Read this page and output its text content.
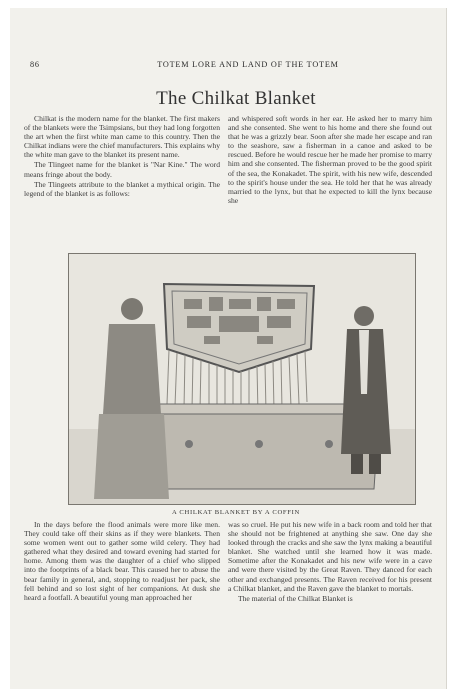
86	TOTEM LORE AND LAND OF THE TOTEM
The Chilkat Blanket

Chilkat is the modern name for the blanket. The first makers of the blankets were the Tsimpsians, but they had long forgotten the art when the first white man came to this country. Then the Chilkat indians were the chief manufacturers. This explains why the white man gave to the blanket its present name.

The Tlingeet name for the blanket is "Nar Kine." The word means fringe about the body.

The Tlingeets attribute to the blanket a mythical origin. The legend of the blanket is as follows:

and whispered soft words in her ear. He asked her to marry him and she consented. She went to his home and there she found out that he was a grizzly bear. Soon after she made her escape and ran to the seashore, saw a fisherman in a canoe and asked to be rescued. Before he would rescue her he made her promise to marry him and she consented. The fisherman proved to be the good spirit of the sea, the Konakadet. The spirit, with his new wife, descended to the spirit's house under the sea. He told her that he was already married to the lynx, but that he expected to kill the lynx because she

A CHILKAT BLANKET BY A COFFIN

In the days before the flood animals were more like men. They could take off their skins as if they were blankets. Then some women went out to gather some wild celery. They had gathered what they desired and toward evening had started for home. Among them was the daughter of a chief who slipped into the footprints of a black bear. This caused her to abuse the bear family in general, and, stopping to readjust her pack, she fell behind and so lost sight of her companions. At dusk she heard a footfall. A beautiful young man approached her

was so cruel. He put his new wife in a back room and told her that she should not be frightened at anything she saw. One day she looked through the cracks and she saw the lynx making a beautiful blanket. She watched until she learned how it was made. Sometime after the Konakadet and his new wife were in a cave and were there visited by the Great Raven. They danced for each other and exchanged presents. The Raven received for his present a Chilkat blanket, and the Raven gave the blanket to mortals.

The material of the Chilkat Blanket is
